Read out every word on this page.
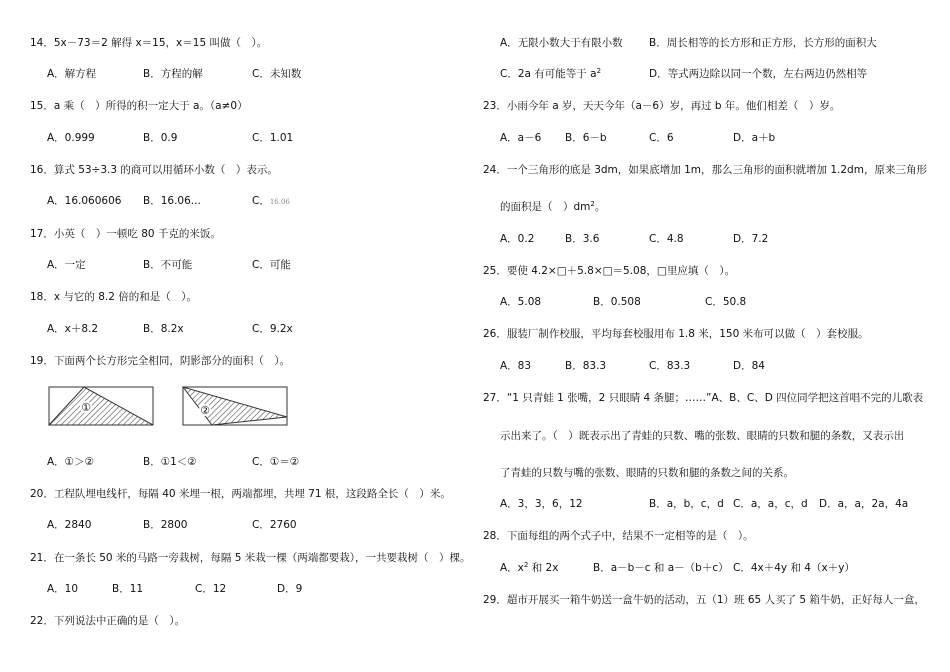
14．5x－73＝2 解得 x＝15，x＝15 叫做（　）。
A．解方程	B．方程的解	C．未知数
15．a 乘（　）所得的积一定大于 a。（a≠0）
A．0.999	B．0.9	C．1.01
16．算式 53÷3.3 的商可以用循环小数（　）表示。
A．16.060606 B．16.06...	C．16.06
17．小英（　）一顿吃 80 千克的米饭。
A．一定	B．不可能	C．可能
18．x 与它的 8.2 倍的和是（　）。
A．x＋8.2	B．8.2x	C．9.2x
19．下面两个长方形完全相同，阴影部分的面积（　）。
①	②
A．①＞②	B．①1＜②	C．①＝②
20．工程队埋电线杆，每隔 40 米埋一根，两端都埋，共埋 71 根，这段路全长（　）米。
A．2840	B．2800	C．2760
21．在一条长 50 米的马路一旁栽树，每隔 5 米栽一棵（两端都要栽），一共要栽树（　）棵。
A．10	B．11	C．12	D．9
22．下列说法中正确的是（　）。
A．无限小数大于有限小数	B．周长相等的长方形和正方形，长方形的面积大
C．2a 有可能等于 $a^2$	D．等式两边除以同一个数，左右两边仍然相等
23．小雨今年 a 岁，天天今年（a－6）岁，再过 b 年。他们相差（　）岁。
A．a－6 B．6－b	C．6	D．a＋b
24．一个三角形的底是 3dm，如果底增加 1m，那么三角形的面积就增加 1.2dm，原来三角形
的面积是（　）$dm^2$。
A．0.2	B．3.6	C．4.8	D．7.2
25．要使 4.2×□＋5.8×□＝5.08，□里应填（　）。
A．5.08	B．0.508	C．50.8
26．服装厂制作校服，平均每套校服用布 1.8 米，150 米布可以做（　）套校服。
A．83	B．83.3	C．83.3	D．84
27．“1 只青蛙 1 张嘴，2 只眼睛 4 条腿；……”A、B、C、D 四位同学把这首唱不完的儿歌表
示出来了。（　）既表示出了青蛙的只数、嘴的张数、眼睛的只数和腿的条数，又表示出
了青蛙的只数与嘴的张数、眼睛的只数和腿的条数之间的关系。
A．3，3，6，12	B．a，b，c，d C．a，a，c，d D．a，a，2a，4a
28．下面每组的两个式子中，结果不一定相等的是（　）。
A．$x^2$ 和 2x	B．a－b－c 和 a－（b＋c） C．4x＋4y 和 4（x＋y）
29．超市开展买一箱牛奶送一盒牛奶的活动，五（1）班 65 人买了 5 箱牛奶，正好每人一盒，
